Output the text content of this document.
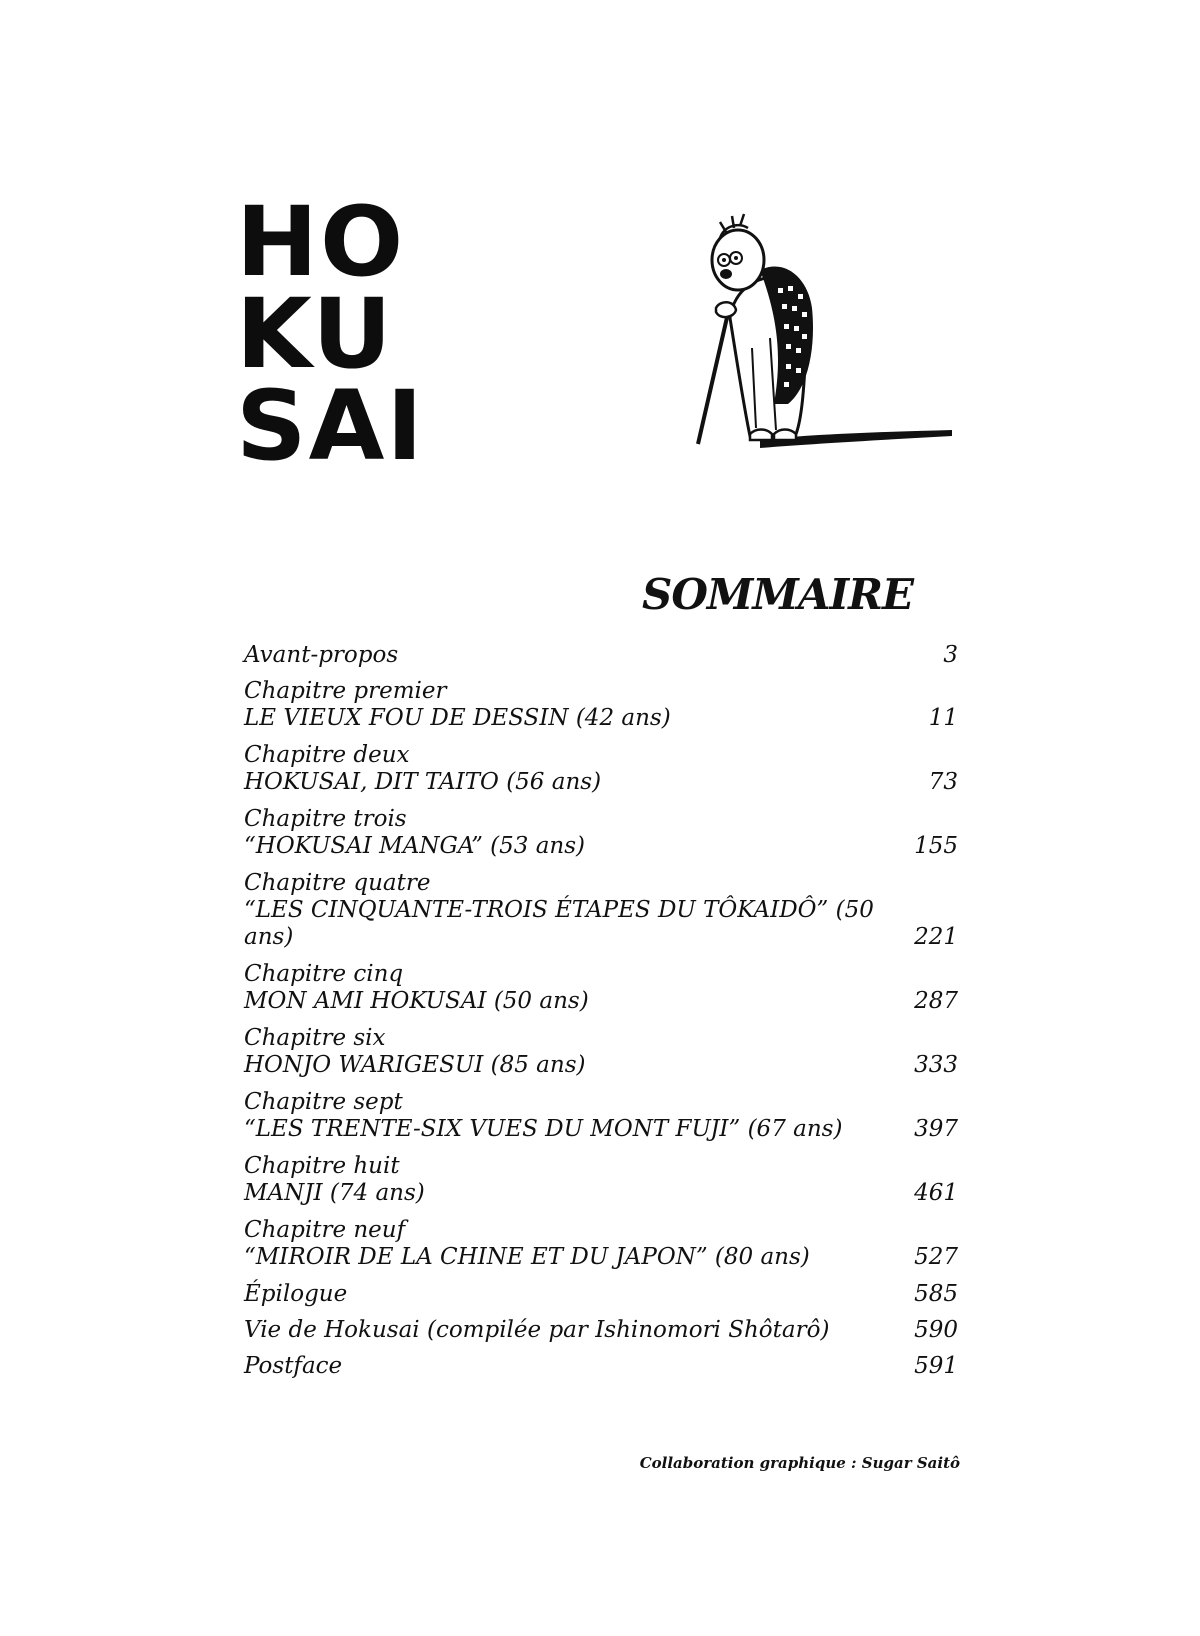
HO
KU
SAI
SOMMAIRE
Avant-propos	3
Chapitre premier
LE VIEUX FOU DE DESSIN (42 ans)	11
Chapitre deux
HOKUSAI, DIT TAITO (56 ans)	73
Chapitre trois
“HOKUSAI MANGA” (53 ans)	155
Chapitre quatre
“LES CINQUANTE-TROIS ÉTAPES DU TÔKAIDÔ” (50 ans)	221
Chapitre cinq
MON AMI HOKUSAI (50 ans)	287
Chapitre six
HONJO WARIGESUI (85 ans)	333
Chapitre sept
“LES TRENTE-SIX VUES DU MONT FUJI” (67 ans)	397
Chapitre huit
MANJI (74 ans)	461
Chapitre neuf
“MIROIR DE LA CHINE ET DU JAPON” (80 ans)	527
Épilogue	585
Vie de Hokusai (compilée par Ishinomori Shôtarô)	590
Postface	591
Collaboration graphique : Sugar Saitô
